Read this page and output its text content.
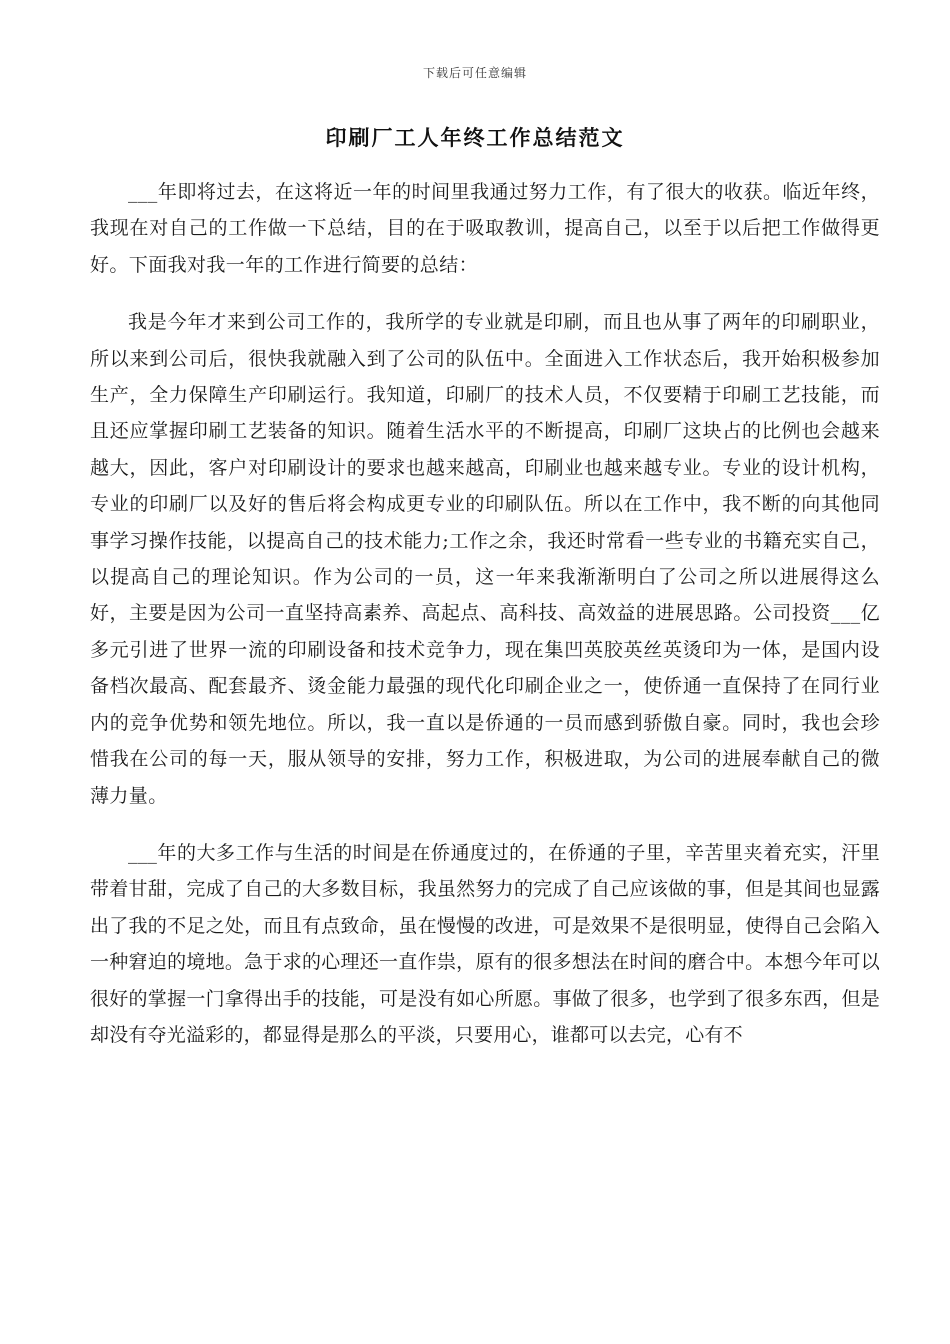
下载后可任意编辑
印刷厂工人年终工作总结范文

___年即将过去，在这将近一年的时间里我通过努力工作，有了很大的收获。临近年终，我现在对自己的工作做一下总结，目的在于吸取教训，提高自己，以至于以后把工作做得更好。下面我对我一年的工作进行简要的总结：

我是今年才来到公司工作的，我所学的专业就是印刷，而且也从事了两年的印刷职业，所以来到公司后，很快我就融入到了公司的队伍中。全面进入工作状态后，我开始积极参加生产，全力保障生产印刷运行。我知道，印刷厂的技术人员，不仅要精于印刷工艺技能，而且还应掌握印刷工艺装备的知识。随着生活水平的不断提高，印刷厂这块占的比例也会越来越大，因此，客户对印刷设计的要求也越来越高，印刷业也越来越专业。专业的设计机构，专业的印刷厂以及好的售后将会构成更专业的印刷队伍。所以在工作中，我不断的向其他同事学习操作技能，以提高自己的技术能力;工作之余，我还时常看一些专业的书籍充实自己，以提高自己的理论知识。作为公司的一员，这一年来我渐渐明白了公司之所以进展得这么好，主要是因为公司一直坚持高素养、高起点、高科技、高效益的进展思路。公司投资___亿多元引进了世界一流的印刷设备和技术竞争力，现在集凹英胶英丝英烫印为一体，是国内设备档次最高、配套最齐、烫金能力最强的现代化印刷企业之一，使侨通一直保持了在同行业内的竞争优势和领先地位。所以，我一直以是侨通的一员而感到骄傲自豪。同时，我也会珍惜我在公司的每一天，服从领导的安排，努力工作，积极进取，为公司的进展奉献自己的微薄力量。

___年的大多工作与生活的时间是在侨通度过的，在侨通的子里，辛苦里夹着充实，汗里带着甘甜，完成了自己的大多数目标，我虽然努力的完成了自己应该做的事，但是其间也显露出了我的不足之处，而且有点致命，虽在慢慢的改进，可是效果不是很明显，使得自己会陷入一种窘迫的境地。急于求的心理还一直作祟，原有的很多想法在时间的磨合中。本想今年可以很好的掌握一门拿得出手的技能，可是没有如心所愿。事做了很多，也学到了很多东西，但是却没有夺光溢彩的，都显得是那么的平淡，只要用心，谁都可以去完，心有不
